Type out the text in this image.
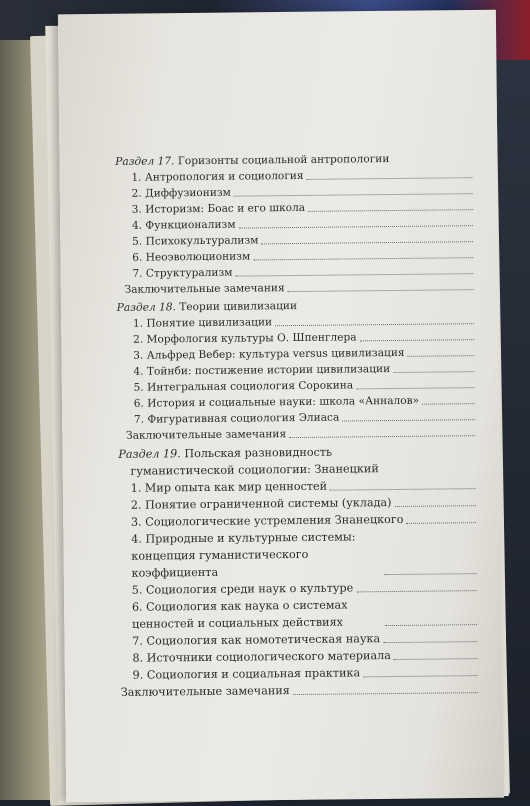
Раздел 17. Горизонты социальной антропологии
1. Антропология и социология
2. Диффузионизм
3. Историзм: Боас и его школа
4. Функционализм
5. Психокультурализм
6. Неоэволюционизм
7. Структурализм
Заключительные замечания
Раздел 18. Теории цивилизации
1. Понятие цивилизации
2. Морфология культуры О. Шпенглера
3. Альфред Вебер: культура versus цивилизация
4. Тойнби: постижение истории цивилизации
5. Интегральная социология Сорокина
6. История и социальные науки: школа «Анналов»
7. Фигуративная социология Элиаса
Заключительные замечания
Раздел 19. Польская разновидность
гуманистической социологии: Знанецкий
1. Мир опыта как мир ценностей
2. Понятие ограниченной системы (уклада)
3. Социологические устремления Знанецкого
4. Природные и культурные системы: концепция гуманистического коэффициента
5. Социология среди наук о культуре
6. Социология как наука о системах ценностей и социальных действиях
7. Социология как номотетическая наука
8. Источники социологического материала
9. Социология и социальная практика
Заключительные замечания
